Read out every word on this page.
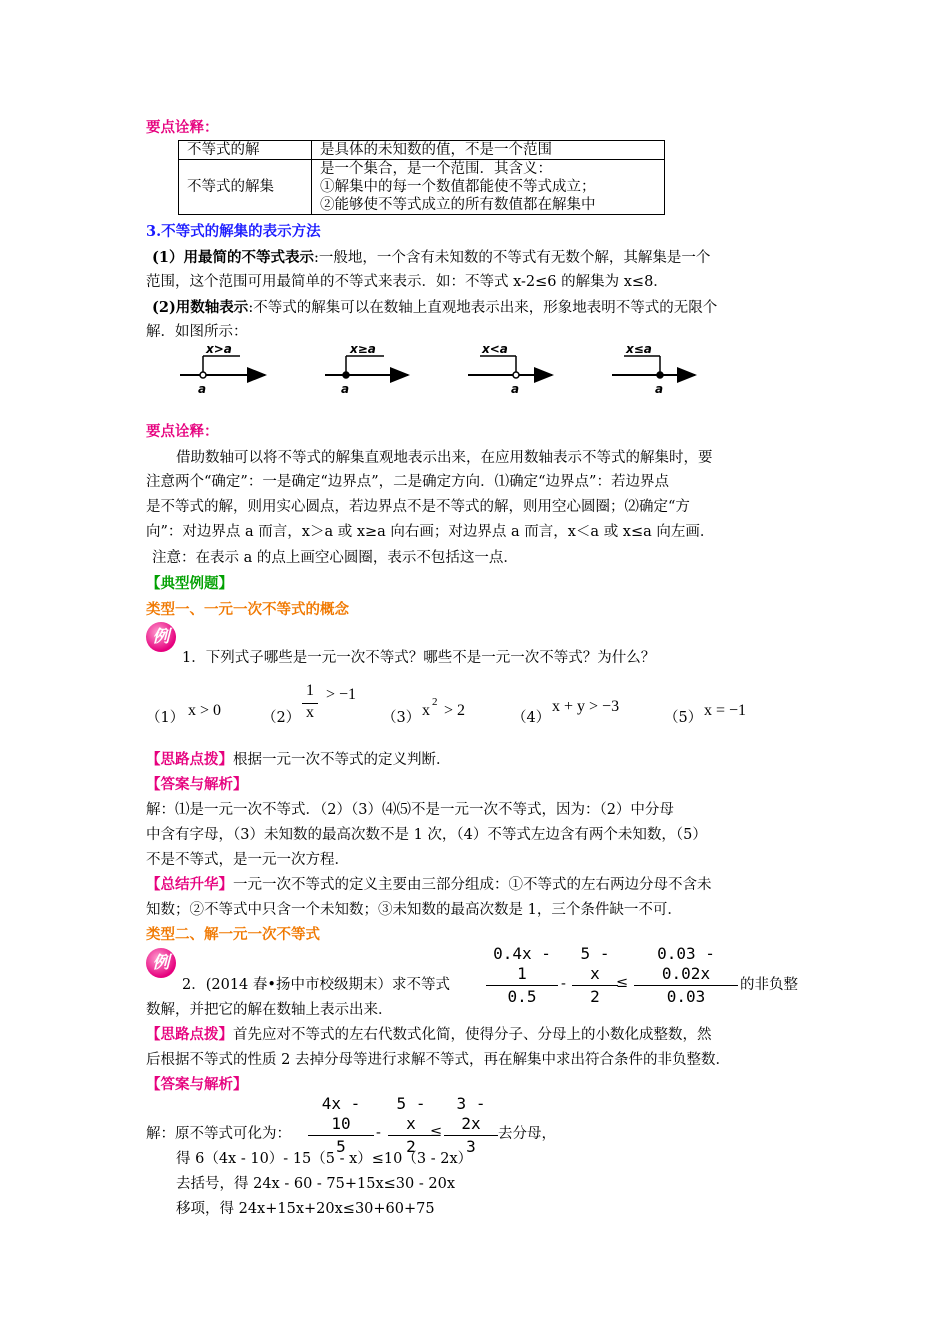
要点诠释：
不等式的解	是具体的未知数的值，不是一个范围
不等式的解集	是一个集合，是一个范围．其含义：
①解集中的每一个数值都能使不等式成立；
②能够使不等式成立的所有数值都在解集中
3.不等式的解集的表示方法
(1）用最简的不等式表示:一般地，一个含有未知数的不等式有无数个解，其解集是一个
范围，这个范围可用最简单的不等式来表示．如：不等式 x-2≤6 的解集为 x≤8．
(2)用数轴表示:不等式的解集可以在数轴上直观地表示出来，形象地表明不等式的无限个
解．如图所示：
x>a
a
x≥a
a
x<a
a
x≤a
a
要点诠释：
借助数轴可以将不等式的解集直观地表示出来，在应用数轴表示不等式的解集时，要
注意两个“确定”：一是确定“边界点”，二是确定方向．⑴确定“边界点”：若边界点
是不等式的解，则用实心圆点，若边界点不是不等式的解，则用空心圆圈；⑵确定“方
向”：对边界点 a 而言，x＞a 或 x≥a 向右画；对边界点 a 而言，x＜a 或 x≤a 向左画．
注意：在表示 a 的点上画空心圆圈，表示不包括这一点．
【典型例题】
类型一、一元一次不等式的概念
例
1．下列式子哪些是一元一次不等式？哪些不是一元一次不等式？为什么？
（1） x > 0	（2）
1
x
> −1
（3） x 2 > 2	（4）
x + y > −3
（5） x = −1
【思路点拨】根据一元一次不等式的定义判断．
【答案与解析】
解：⑴是一元一次不等式．（2）（3）⑷⑸不是一元一次不等式，因为：（2）中分母
中含有字母，（3）未知数的最高次数不是 1 次，（4）不等式左边含有两个未知数，（5）
不是不等式，是一元一次方程．
【总结升华】一元一次不等式的定义主要由三部分组成：①不等式的左右两边分母不含未
知数；②不等式中只含一个未知数；③未知数的最高次数是 1，三个条件缺一不可．
类型二、解一元一次不等式
例
2．(2014 春•扬中市校级期末）求不等式
0.4x - 1
0.5
-
5 - x
2
≤
0.03 - 0.02x
0.03
的非负整
数解，并把它的解在数轴上表示出来．
【思路点拨】首先应对不等式的左右代数式化简，使得分子、分母上的小数化成整数，然
后根据不等式的性质 2 去掉分母等进行求解不等式，再在解集中求出符合条件的非负整数．
【答案与解析】
解：原不等式可化为：
4x - 10
5
-
5 - x
2
≤
3 - 2x
3
去分母，
得 6（4x - 10）- 15（5 - x）≤10（3 - 2x）
去括号，得 24x - 60 - 75+15x≤30 - 20x
移项，得 24x+15x+20x≤30+60+75
